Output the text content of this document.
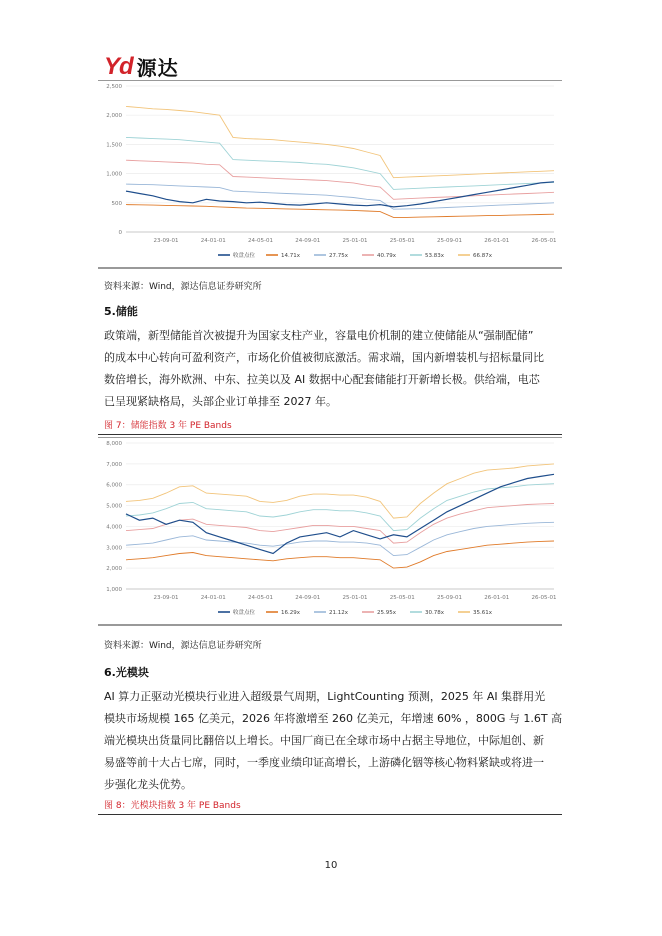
Yd 源达
0
500
1,000
1,500
2,000
2,500
23-09-01	24-01-01	24-05-01	24-09-01	25-01-01	25-05-01	25-09-01	26-01-01	26-05-01
收盘点位	14.71x	27.75x	40.79x	53.83x	66.87x
资料来源：Wind，源达信息证券研究所
5.储能
政策端，新型储能首次被提升为国家支柱产业，容量电价机制的建立使储能从“强制配储”
的成本中心转向可盈利资产，市场化价值被彻底激活。需求端，国内新增装机与招标量同比
数倍增长，海外欧洲、中东、拉美以及 AI 数据中心配套储能打开新增长极。供给端，电芯
已呈现紧缺格局，头部企业订单排至 2027 年。
图 7：储能指数 3 年 PE Bands
1,000
2,000
3,000
4,000
5,000
6,000
7,000
8,000
23-09-01	24-01-01	24-05-01	24-09-01	25-01-01	25-05-01	25-09-01	26-01-01	26-05-01
收盘点位	16.29x	21.12x	25.95x	30.78x	35.61x
资料来源：Wind，源达信息证券研究所
6.光模块
AI 算力正驱动光模块行业进入超级景气周期，LightCounting 预测，2025 年 AI 集群用光
模块市场规模 165 亿美元，2026 年将激增至 260 亿美元，年增速 60% ，800G 与 1.6T 高
端光模块出货量同比翻倍以上增长。中国厂商已在全球市场中占据主导地位，中际旭创、新
易盛等前十大占七席，同时，一季度业绩印证高增长，上游磷化铟等核心物料紧缺或将进一
步强化龙头优势。
图 8：光模块指数 3 年 PE Bands
10
